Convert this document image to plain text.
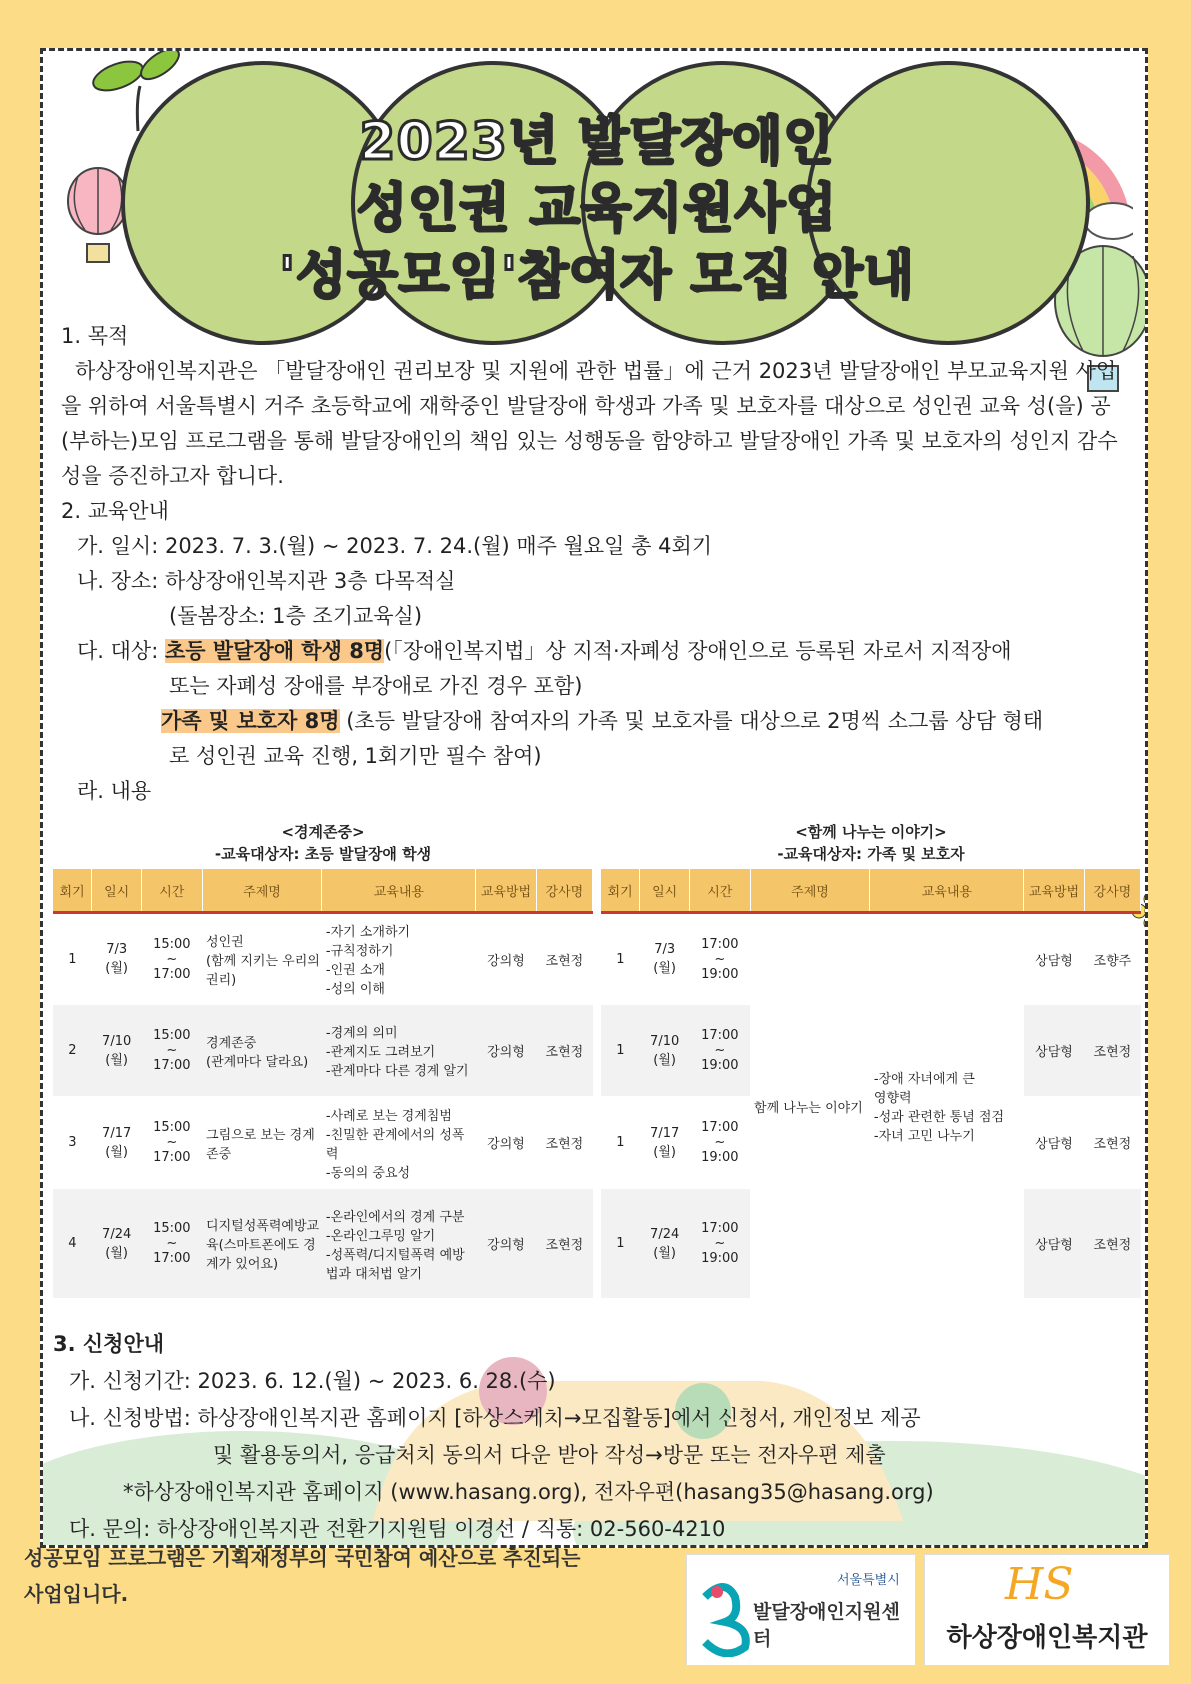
2023년 발달장애인
성인권 교육지원사업
'성공모임'참여자 모집 안내

1. 목적

하상장애인복지관은 「발달장애인 권리보장 및 지원에 관한 법률」에 근거 2023년 발달장애인 부모교육지원 사업을 위하여 서울특별시 거주 초등학교에 재학중인 발달장애 학생과 가족 및 보호자를 대상으로 성인권 교육 성(을) 공(부하는)모임 프로그램을 통해 발달장애인의 책임 있는 성행동을 함양하고 발달장애인 가족 및 보호자의 성인지 감수성을 증진하고자 합니다.

2. 교육안내

가. 일시: 2023. 7. 3.(월) ~ 2023. 7. 24.(월) 매주 월요일 총 4회기

나. 장소: 하상장애인복지관 3층 다목적실

(돌봄장소: 1층 조기교육실)

다. 대상: 초등 발달장애 학생 8명(「장애인복지법」상 지적·자폐성 장애인으로 등록된 자로서 지적장애

또는 자폐성 장애를 부장애로 가진 경우 포함)

가족 및 보호자 8명 (초등 발달장애 참여자의 가족 및 보호자를 대상으로 2명씩 소그룹 상담 형태

로 성인권 교육 진행, 1회기만 필수 참여)

라. 내용

<경계존중>
-교육대상자: 초등 발달장애 학생
회기	일시	시간	주제명	교육내용	교육방법	강사명
1	7/3
(월)	15:00
~
17:00	성인권
(함께 지키는 우리의 권리)	-자기 소개하기
-규칙정하기
-인권 소개
-성의 이해	강의형	조현정
2	7/10
(월)	15:00
~
17:00	경계존중
(관계마다 달라요)	-경계의 의미
-관계지도 그려보기
-관계마다 다른 경계 알기	강의형	조현정
3	7/17
(월)	15:00
~
17:00	그림으로 보는 경계존중	-사례로 보는 경계침범
-친밀한 관계에서의 성폭력
-동의의 중요성	강의형	조현정
4	7/24
(월)	15:00
~
17:00	디지털성폭력예방교육(스마트폰에도 경계가 있어요)	-온라인에서의 경계 구분
-온라인그루밍 알기
-성폭력/디지털폭력 예방법과 대처법 알기	강의형	조현정
<함께 나누는 이야기>
-교육대상자: 가족 및 보호자
회기	일시	시간	주제명	교육내용	교육방법	강사명
1	7/3
(월)	17:00
~
19:00	함께 나누는 이야기	-장애 자녀에게 큰
영향력
-성과 관련한 통념 점검
-자녀 고민 나누기	상담형	조향주
1	7/10
(월)	17:00
~
19:00			상담형	조현정
1	7/17
(월)	17:00
~
19:00			상담형	조현정
1	7/24
(월)	17:00
~
19:00			상담형	조현정

3. 신청안내

가. 신청기간: 2023. 6. 12.(월) ~ 2023. 6. 28.(수)

나. 신청방법: 하상장애인복지관 홈페이지 [하상스케치→모집활동]에서 신청서, 개인정보 제공

및 활용동의서, 응급처치 동의서 다운 받아 작성→방문 또는 전자우편 제출

*하상장애인복지관 홈페이지 (www.hasang.org), 전자우편(hasang35@hasang.org)

다. 문의: 하상장애인복지관 전환기지원팀 이경선 / 직통: 02-560-4210

성공모임 프로그램은 기획재정부의 국민참여 예산으로 추진되는
사업입니다.
서울특별시
발달장애인지원센터
HS
하상장애인복지관
